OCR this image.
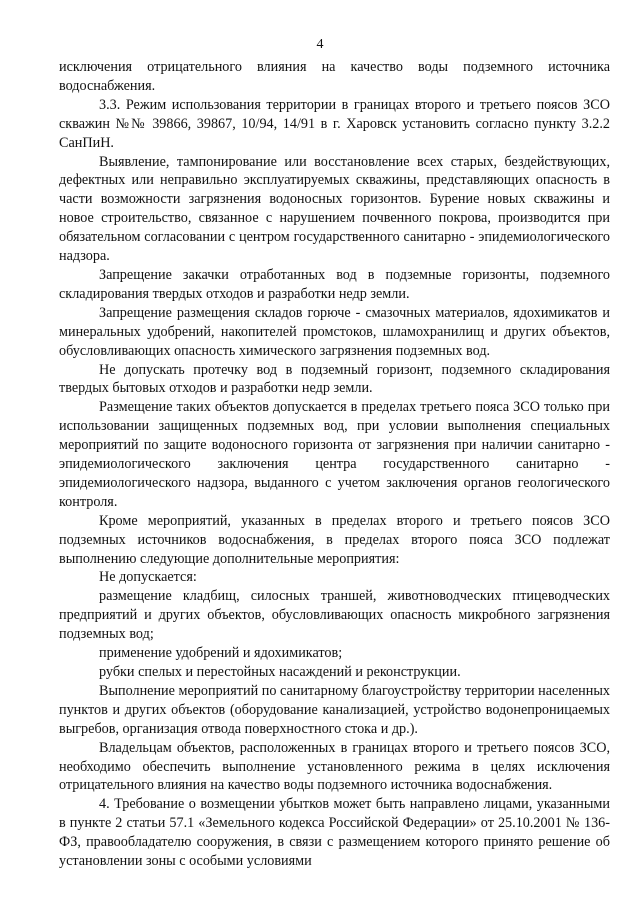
4

исключения отрицательного влияния на качество воды подземного источника водоснабжения.

3.3. Режим использования территории в границах второго и третьего поясов ЗСО скважин №№ 39866, 39867, 10/94, 14/91 в г. Харовск установить согласно пункту 3.2.2 СанПиН.

Выявление, тампонирование или восстановление всех старых, бездействующих, дефектных или неправильно эксплуатируемых скважины, представляющих опасность в части возможности загрязнения водоносных горизонтов. Бурение новых скважины и новое строительство, связанное с нарушением почвенного покрова, производится при обязательном согласовании с центром государственного санитарно - эпидемиологического надзора.

Запрещение закачки отработанных вод в подземные горизонты, подземного складирования твердых отходов и разработки недр земли.

Запрещение размещения складов горюче - смазочных материалов, ядохимикатов и минеральных удобрений, накопителей промстоков, шламохранилищ и других объектов, обусловливающих опасность химического загрязнения подземных вод.

Не допускать протечку вод в подземный горизонт, подземного складирования твердых бытовых отходов и разработки недр земли.

Размещение таких объектов допускается в пределах третьего пояса ЗСО только при использовании защищенных подземных вод, при условии выполнения специальных мероприятий по защите водоносного горизонта от загрязнения при наличии санитарно - эпидемиологического заключения центра государственного санитарно - эпидемиологического надзора, выданного с учетом заключения органов геологического контроля.

Кроме мероприятий, указанных в пределах второго и третьего поясов ЗСО подземных источников водоснабжения, в пределах второго пояса ЗСО подлежат выполнению следующие дополнительные мероприятия:

Не допускается:

размещение кладбищ, силосных траншей, животноводческих птицеводческих предприятий и других объектов, обусловливающих опасность микробного загрязнения подземных вод;

применение удобрений и ядохимикатов;

рубки спелых и перестойных насаждений и реконструкции.

Выполнение мероприятий по санитарному благоустройству территории населенных пунктов и других объектов (оборудование канализацией, устройство водонепроницаемых выгребов, организация отвода поверхностного стока и др.).

Владельцам объектов, расположенных в границах второго и третьего поясов ЗСО, необходимо обеспечить выполнение установленного режима в целях исключения отрицательного влияния на качество воды подземного источника водоснабжения.

4. Требование о возмещении убытков может быть направлено лицами, указанными в пункте 2 статьи 57.1 «Земельного кодекса Российской Федерации» от 25.10.2001 № 136-ФЗ, правообладателю сооружения, в связи с размещением которого принято решение об установлении зоны с особыми условиями
